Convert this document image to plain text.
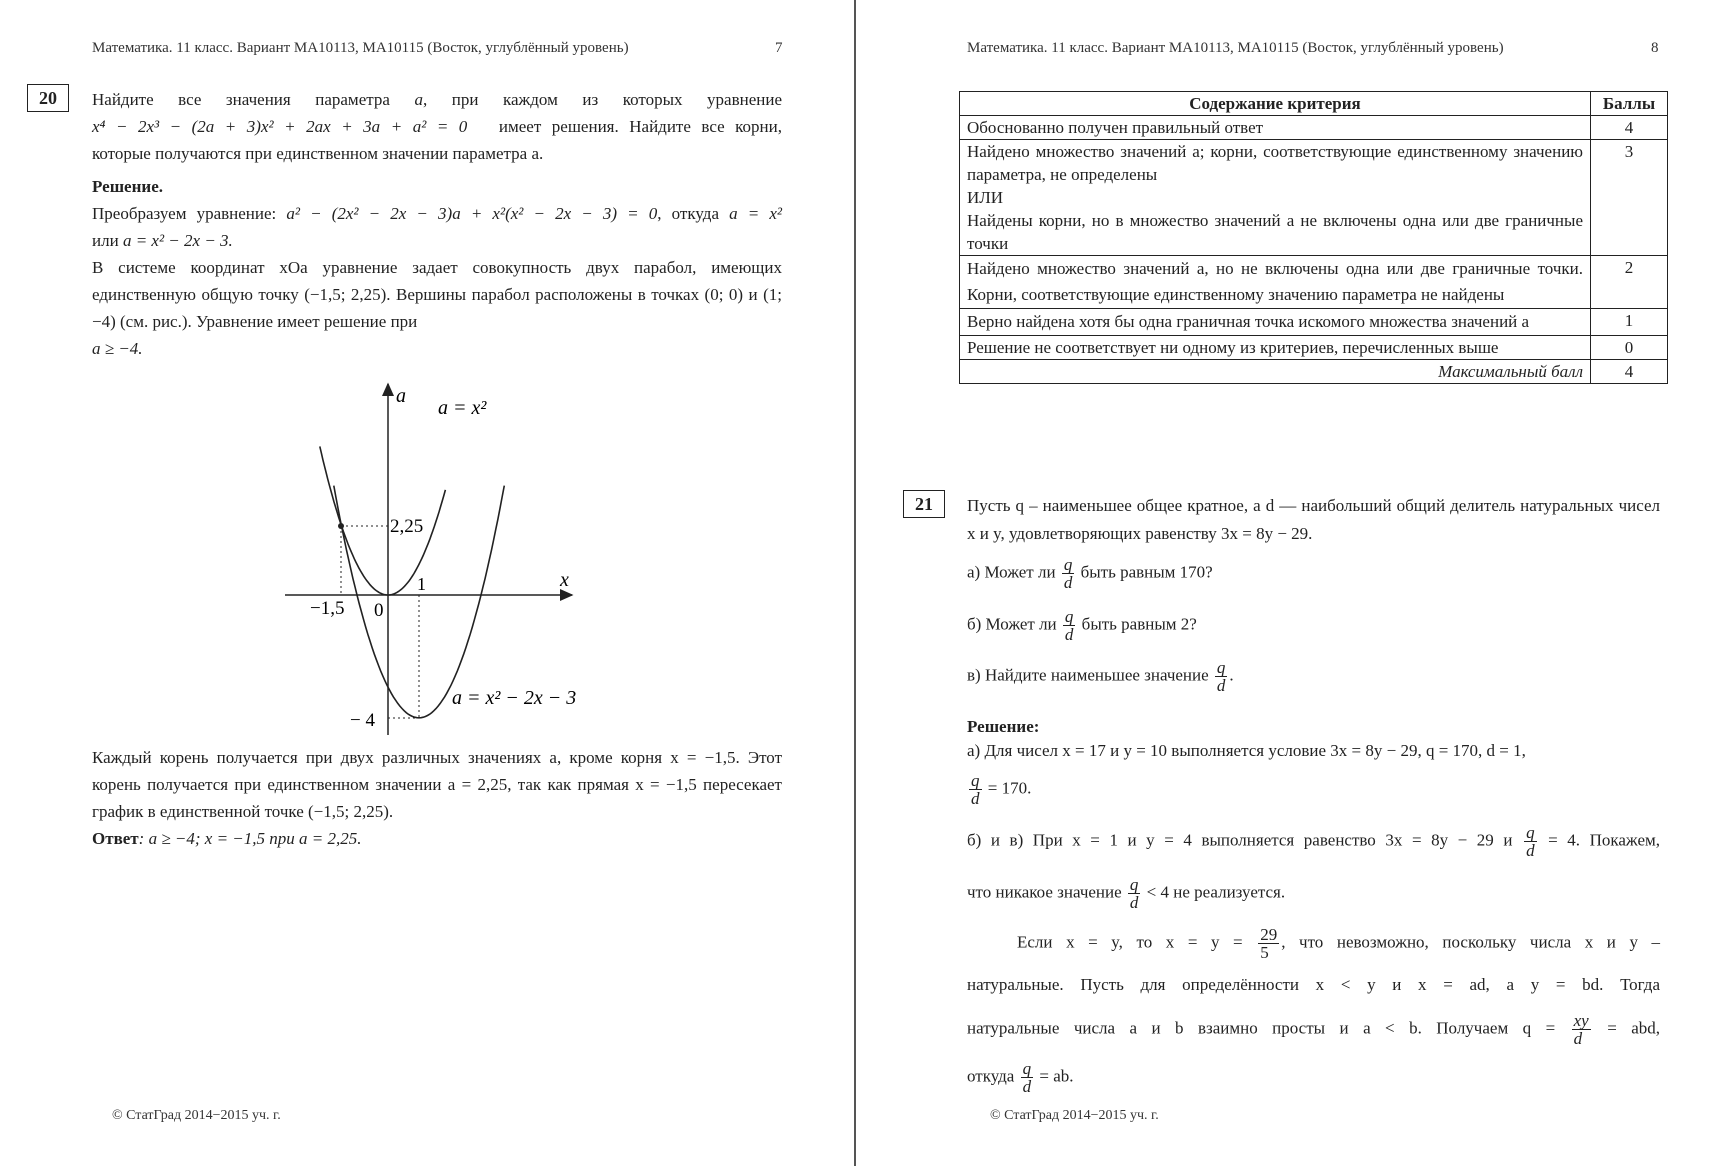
Математика. 11 класс. Вариант МА10113, МА10115 (Восток, углублённый уровень)	7
20	Найдите все значения параметра a, при каждом из которых уравнение

x⁴ − 2x³ − (2a + 3)x² + 2ax + 3a + a² = 0 имеет решения. Найдите все корни,

которые получаются при единственном значении параметра a.

Решение.

Преобразуем уравнение: a² − (2x² − 2x − 3)a + x²(x² − 2x − 3) = 0, откуда a = x²

или a = x² − 2x − 3.

В системе координат xOa уравнение задает совокупность двух парабол, имеющих единственную общую точку (−1,5; 2,25). Вершины парабол расположены в точках (0; 0) и (1; −4) (см. рис.). Уравнение имеет решение при

a ≥ −4.

a
x
a = x²
a = x² − 2x − 3
2,25
1
−1,5 0
− 4

Каждый корень получается при двух различных значениях a, кроме корня x = −1,5. Этот корень получается при единственном значении a = 2,25, так как прямая x = −1,5 пересекает график в единственной точке (−1,5; 2,25).

Ответ: a ≥ −4; x = −1,5 при a = 2,25.

© СтатГрад 2014−2015 уч. г.
Математика. 11 класс. Вариант МА10113, МА10115 (Восток, углублённый уровень)	8
Содержание критерия	Баллы
Обоснованно получен правильный ответ	4

Найдено множество значений a; корни, соответствующие единственному значению параметра, не определены
ИЛИ
Найдены корни, но в множество значений a не включены одна или две граничные точки	3
Найдено множество значений a, но не включены одна или две граничные точки. Корни, соответствующие единственному значению параметра не найдены	2
Верно найдена хотя бы одна граничная точка искомого множества значений a	1
Решение не соответствует ни одному из критериев, перечисленных выше	0
Максимальный балл	4
21	Пусть q – наименьшее общее кратное, а d — наибольший общий делитель натуральных чисел x и y, удовлетворяющих равенству 3x = 8y − 29.
а) Может ли $\frac{q}{d}$ быть равным 170?
б) Может ли $\frac{q}{d}$ быть равным 2?
в) Найдите наименьшее значение $\frac{q}{d}$ .
Решение:
а) Для чисел x = 17 и y = 10 выполняется условие 3x = 8y − 29, q = 170, d = 1,
$\frac{q}{d} = 170$.
б) и в) При x = 1 и y = 4 выполняется равенство 3x = 8y − 29 и $\frac{q}{d} = 4$. Покажем,
что никакое значение $\frac{q}{d} < 4$ не реализуется.
Если x = y, то $x = y = \frac{29}{5}$ , что невозможно, поскольку числа x и y –
натуральные. Пусть для определённости x < y и x = ad, а y = bd. Тогда
натуральные числа a и b взаимно просты и a < b. Получаем $q = \frac{xy}{d}$ = abd,
откуда $\frac{q}{d}$ = ab.
© СтатГрад 2014−2015 уч. г.
